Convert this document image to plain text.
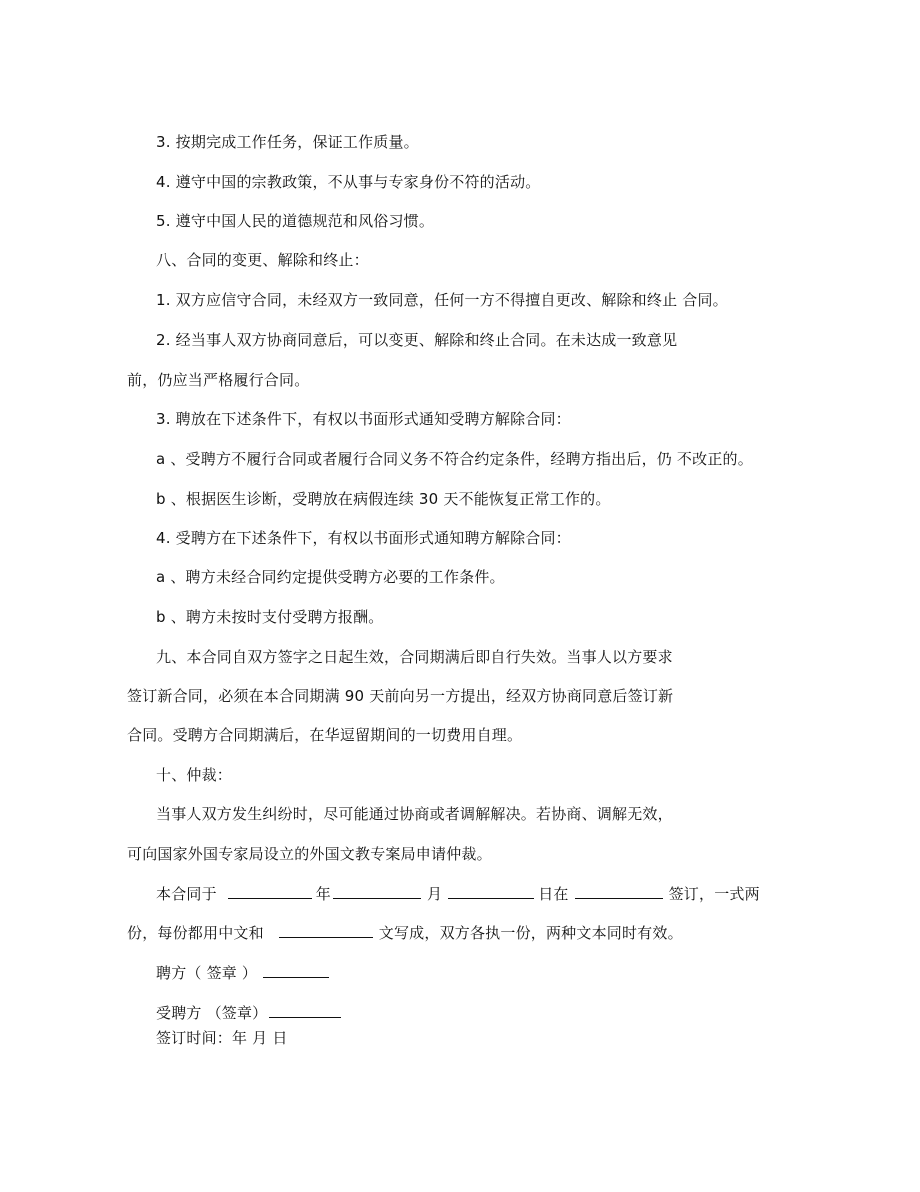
3. 按期完成工作任务，保证工作质量。
4. 遵守中国的宗教政策，不从事与专家身份不符的活动。
5. 遵守中国人民的道德规范和风俗习惯。
八、合同的变更、解除和终止：
1. 双方应信守合同，未经双方一致同意，任何一方不得擅自更改、解除和终止 合同。
2. 经当事人双方协商同意后，可以变更、解除和终止合同。在未达成一致意见
前，仍应当严格履行合同。
3. 聘放在下述条件下，有权以书面形式通知受聘方解除合同：
a 、受聘方不履行合同或者履行合同义务不符合约定条件，经聘方指出后，仍 不改正的。
b 、根据医生诊断，受聘放在病假连续 30 天不能恢复正常工作的。
4. 受聘方在下述条件下，有权以书面形式通知聘方解除合同：
a 、聘方未经合同约定提供受聘方必要的工作条件。
b 、聘方未按时支付受聘方报酬。
九、本合同自双方签字之日起生效，合同期满后即自行失效。当事人以方要求
签订新合同，必须在本合同期满 90 天前向另一方提出，经双方协商同意后签订新
合同。受聘方合同期满后，在华逗留期间的一切费用自理。
十、仲裁：
当事人双方发生纠纷时，尽可能通过协商或者调解解决。若协商、调解无效，
可向国家外国专家局设立的外国文教专案局申请仲裁。
本合同于	年	月	日在	签订，一式两
份，每份都用中文和	文写成，双方各执一份，两种文本同时有效。
聘方（ 签章 ）
受聘方 （签章）
签订时间：年 月 日
